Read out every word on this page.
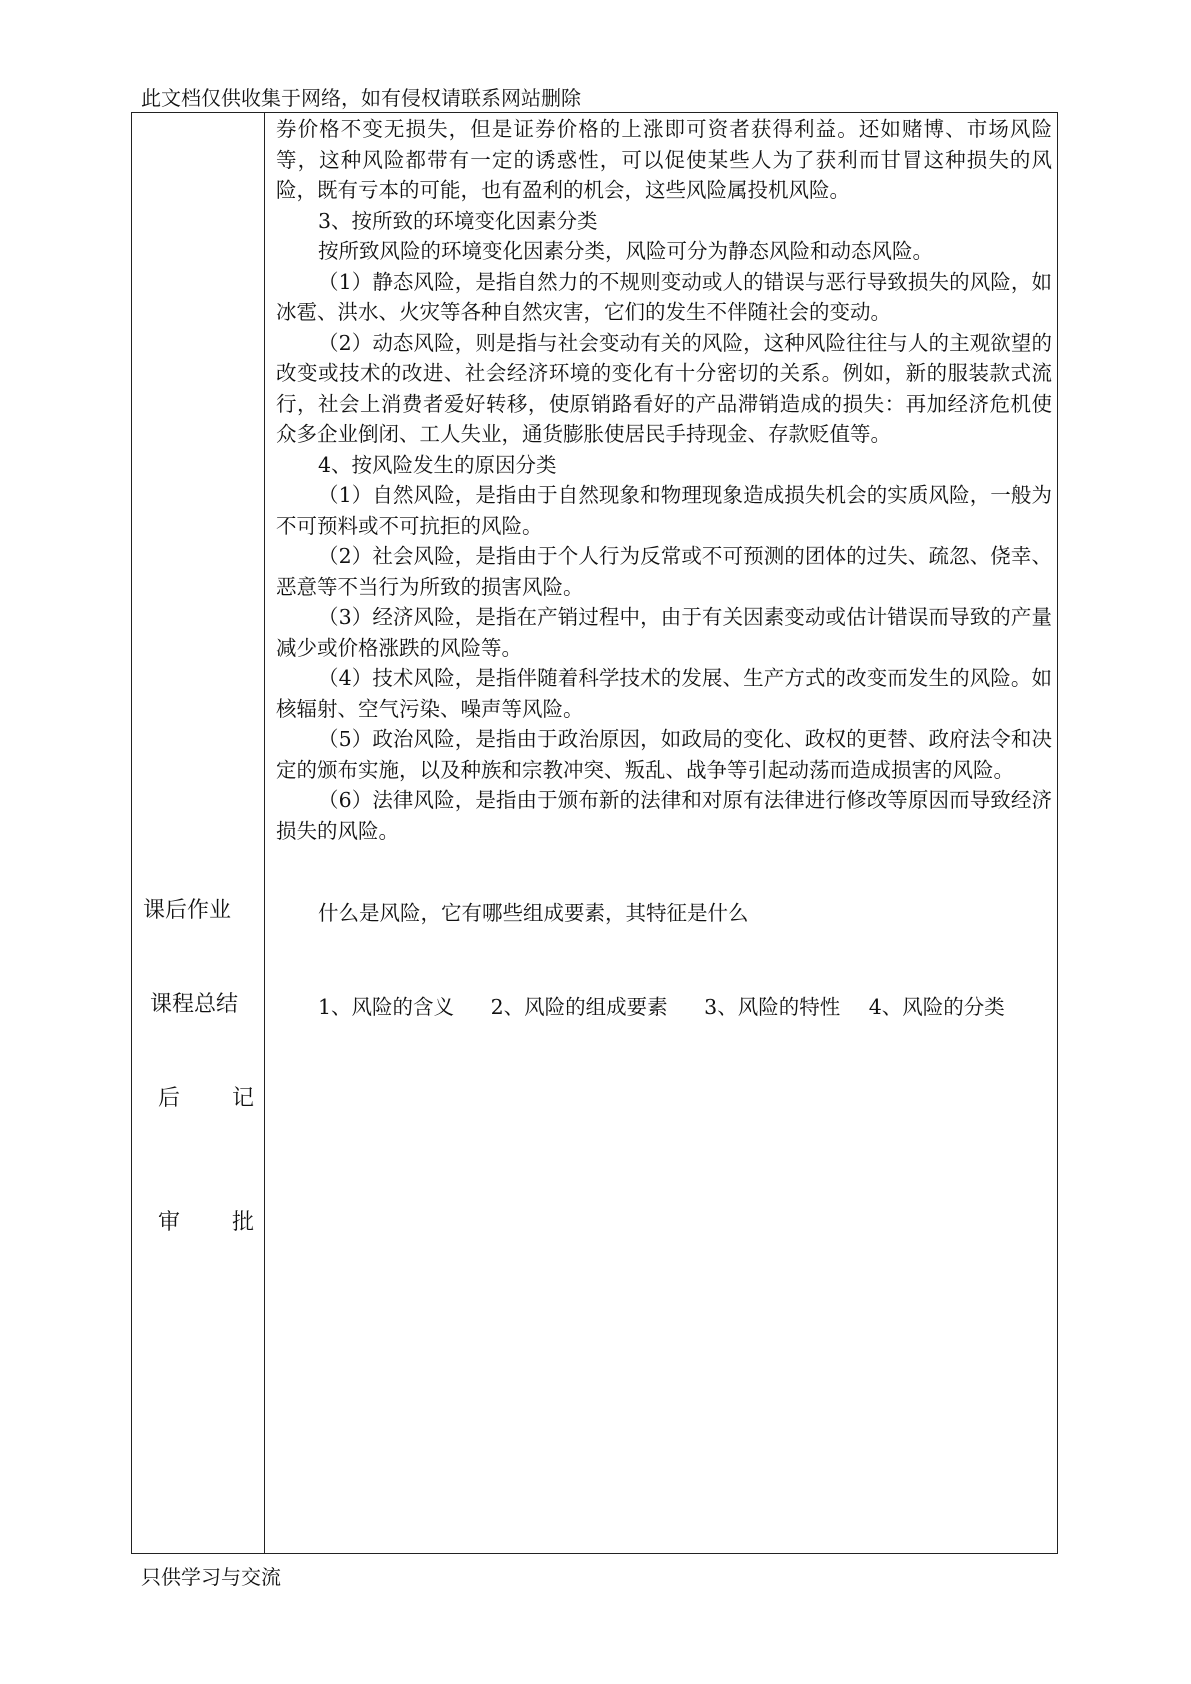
此文档仅供收集于网络，如有侵权请联系网站删除

券价格不变无损失，但是证券价格的上涨即可资者获得利益。还如赌博、市场风险等，这种风险都带有一定的诱惑性，可以促使某些人为了获利而甘冒这种损失的风险，既有亏本的可能，也有盈利的机会，这些风险属投机风险。

3、按所致的环境变化因素分类

按所致风险的环境变化因素分类，风险可分为静态风险和动态风险。

（1）静态风险，是指自然力的不规则变动或人的错误与恶行导致损失的风险，如冰雹、洪水、火灾等各种自然灾害，它们的发生不伴随社会的变动。

（2）动态风险，则是指与社会变动有关的风险，这种风险往往与人的主观欲望的改变或技术的改进、社会经济环境的变化有十分密切的关系。例如，新的服装款式流行，社会上消费者爱好转移，使原销路看好的产品滞销造成的损失：再加经济危机使众多企业倒闭、工人失业，通货膨胀使居民手持现金、存款贬值等。

4、按风险发生的原因分类

（1）自然风险，是指由于自然现象和物理现象造成损失机会的实质风险，一般为不可预料或不可抗拒的风险。

（2）社会风险，是指由于个人行为反常或不可预测的团体的过失、疏忽、侥幸、恶意等不当行为所致的损害风险。

（3）经济风险，是指在产销过程中，由于有关因素变动或估计错误而导致的产量减少或价格涨跌的风险等。

（4）技术风险，是指伴随着科学技术的发展、生产方式的改变而发生的风险。如核辐射、空气污染、噪声等风险。

（5）政治风险，是指由于政治原因，如政局的变化、政权的更替、政府法令和决定的颁布实施，以及种族和宗教冲突、叛乱、战争等引起动荡而造成损害的风险。

（6）法律风险，是指由于颁布新的法律和对原有法律进行修改等原因而导致经济损失的风险。

课后作业	什么是风险，它有哪些组成要素，其特征是什么
课程总结	1、风险的含义 2、风险的组成要素 3、风险的特性 4、风险的分类
后 记
审 批
只供学习与交流
